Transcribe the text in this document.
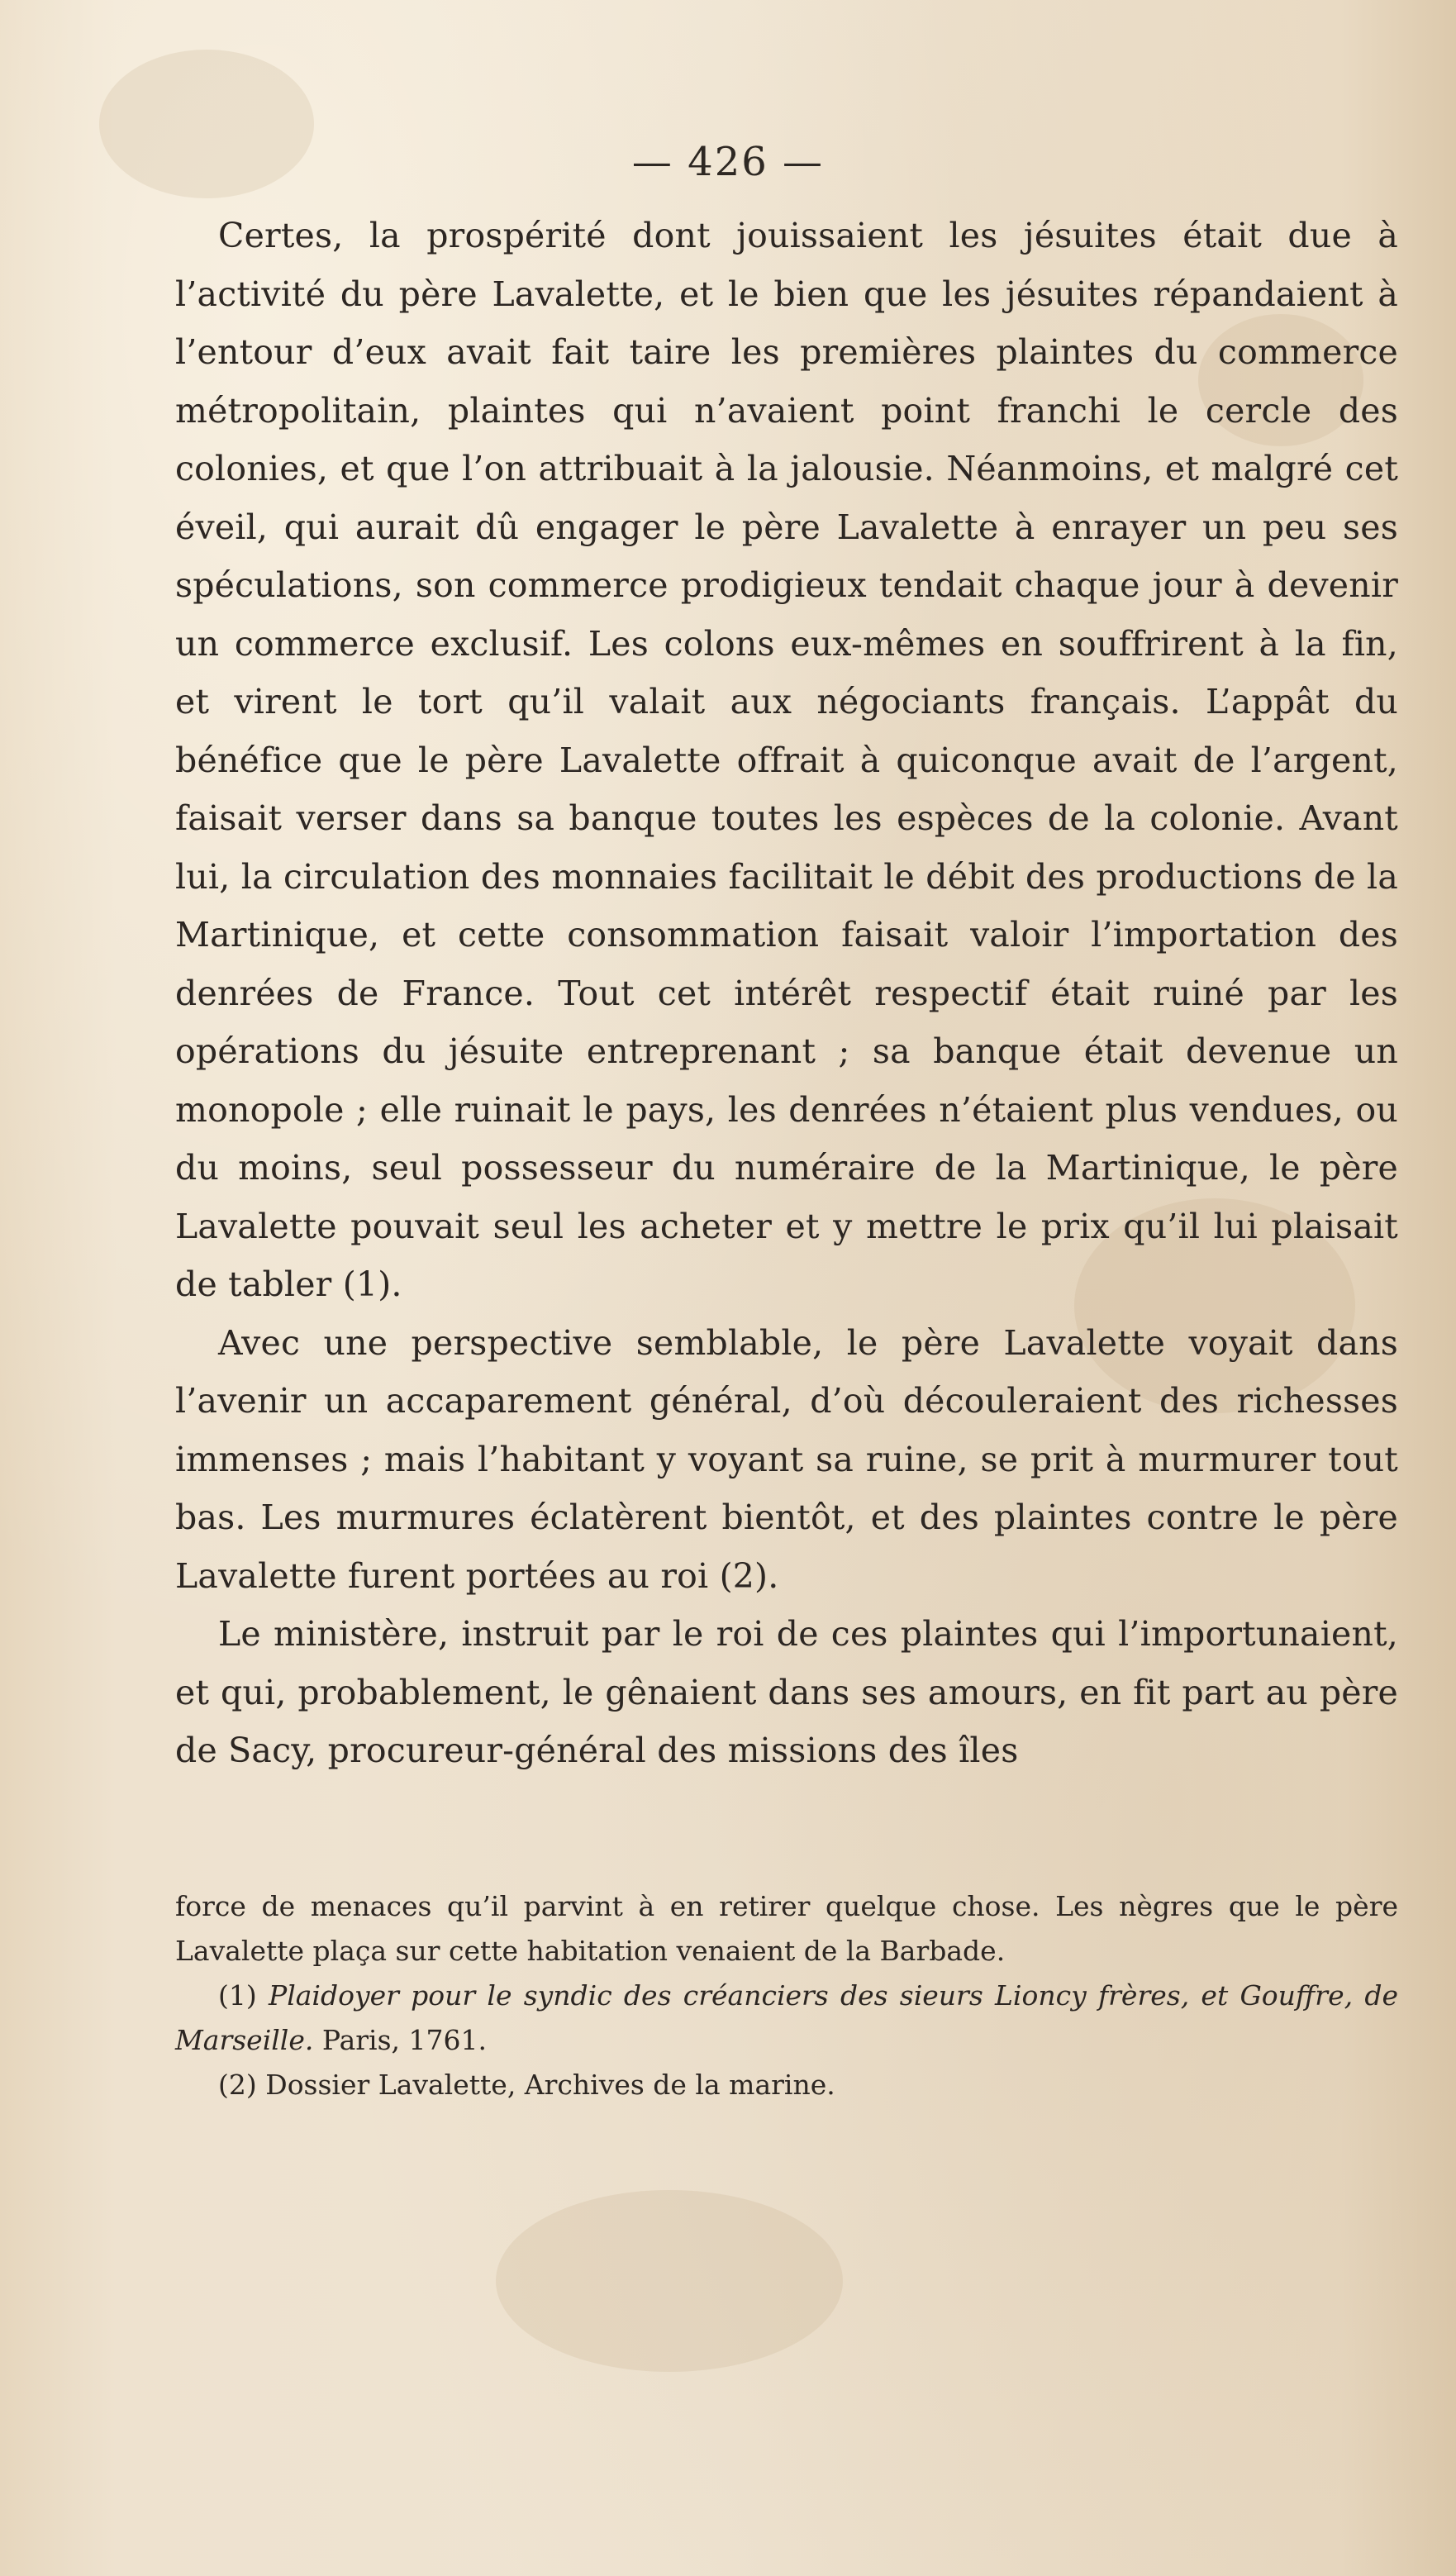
— 426 —

Certes, la prospérité dont jouissaient les jésuites était due à l’activité du père Lavalette, et le bien que les jésuites répandaient à l’entour d’eux avait fait taire les premières plaintes du commerce métropolitain, plaintes qui n’avaient point franchi le cercle des colonies, et que l’on attribuait à la jalousie. Néanmoins, et malgré cet éveil, qui aurait dû engager le père Lavalette à enrayer un peu ses spéculations, son commerce prodigieux tendait chaque jour à devenir un commerce exclusif. Les colons eux-mêmes en souffrirent à la fin, et virent le tort qu’il valait aux négociants français. L’appât du bénéfice que le père Lavalette offrait à quiconque avait de l’argent, faisait verser dans sa banque toutes les espèces de la colonie. Avant lui, la circulation des monnaies facilitait le débit des productions de la Martinique, et cette consommation faisait valoir l’importation des denrées de France. Tout cet intérêt respectif était ruiné par les opérations du jésuite entreprenant ; sa banque était devenue un monopole ; elle ruinait le pays, les denrées n’étaient plus vendues, ou du moins, seul possesseur du numéraire de la Martinique, le père Lavalette pouvait seul les acheter et y mettre le prix qu’il lui plaisait de tabler (1).

Avec une perspective semblable, le père Lavalette voyait dans l’avenir un accaparement général, d’où découleraient des richesses immenses ; mais l’habitant y voyant sa ruine, se prit à murmurer tout bas. Les murmures éclatèrent bientôt, et des plaintes contre le père Lavalette furent portées au roi (2).

Le ministère, instruit par le roi de ces plaintes qui l’importunaient, et qui, probablement, le gênaient dans ses amours, en fit part au père de Sacy, procureur-général des missions des îles

force de menaces qu’il parvint à en retirer quelque chose. Les nègres que le père Lavalette plaça sur cette habitation venaient de la Barbade.

(1) Plaidoyer pour le syndic des créanciers des sieurs Lioncy frères, et Gouffre, de Marseille. Paris, 1761.

(2) Dossier Lavalette, Archives de la marine.
